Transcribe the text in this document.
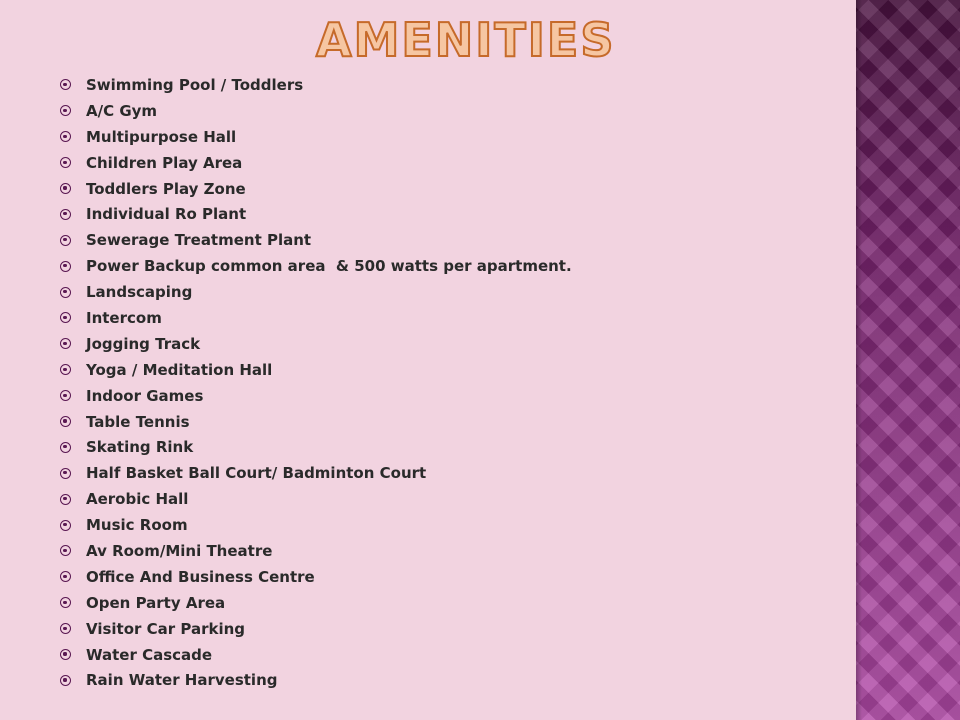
AMENITIES
Swimming Pool / Toddlers
A/C Gym
Multipurpose Hall
Children Play Area
Toddlers Play Zone
Individual Ro Plant
Sewerage Treatment Plant
Power Backup common area  & 500 watts per apartment.
Landscaping
Intercom
Jogging Track
Yoga / Meditation Hall
Indoor Games
Table Tennis
Skating Rink
Half Basket Ball Court/ Badminton Court
Aerobic Hall
Music Room
Av Room/Mini Theatre
Office And Business Centre
Open Party Area
Visitor Car Parking
Water Cascade
Rain Water Harvesting
